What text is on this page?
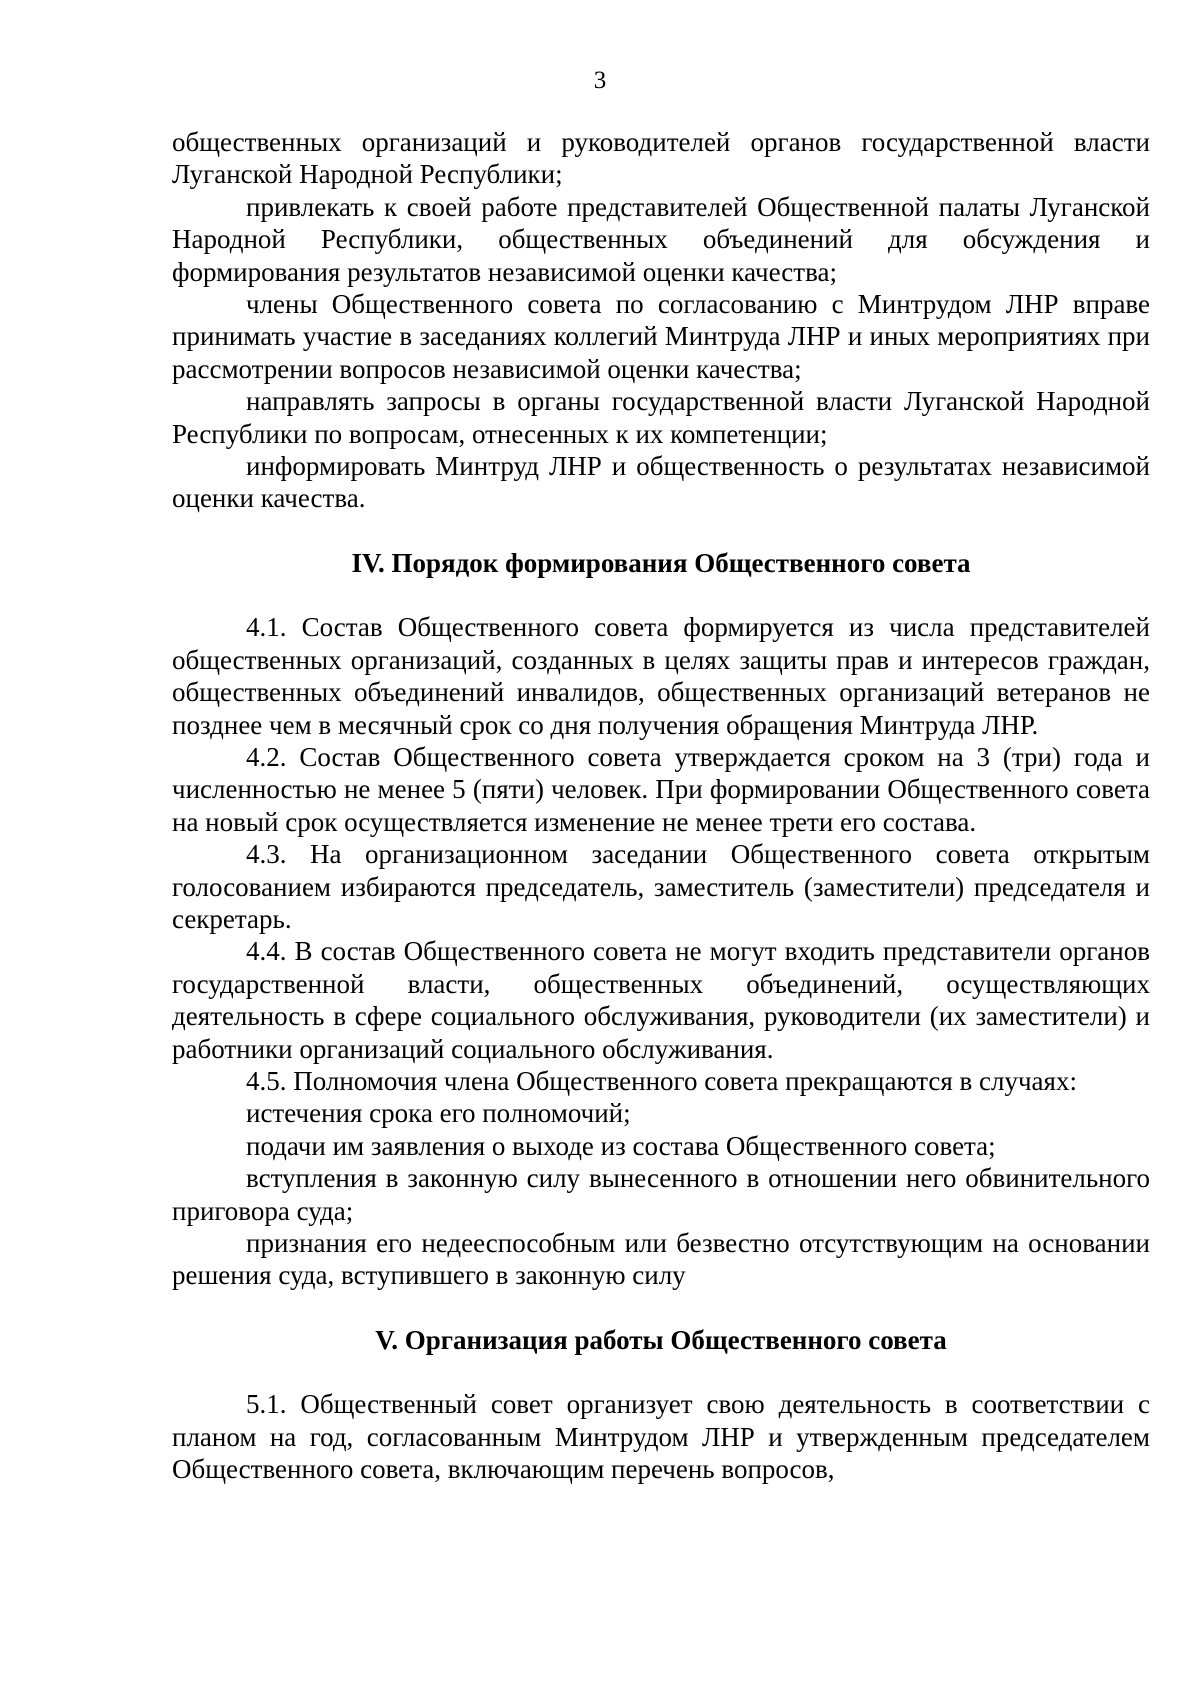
3

общественных организаций и руководителей органов государственной власти Луганской Народной Республики;

привлекать к своей работе представителей Общественной палаты Луганской Народной Республики, общественных объединений для обсуждения и формирования результатов независимой оценки качества;

члены Общественного совета по согласованию с Минтрудом ЛНР вправе принимать участие в заседаниях коллегий Минтруда ЛНР и иных мероприятиях при рассмотрении вопросов независимой оценки качества;

направлять запросы в органы государственной власти Луганской Народной Республики по вопросам, отнесенных к их компетенции;

информировать Минтруд ЛНР и общественность о результатах независимой оценки качества.

IV. Порядок формирования Общественного совета

4.1. Состав Общественного совета формируется из числа представителей общественных организаций, созданных в целях защиты прав и интересов граждан, общественных объединений инвалидов, общественных организаций ветеранов не позднее чем в месячный срок со дня получения обращения Минтруда ЛНР.

4.2. Состав Общественного совета утверждается сроком на 3 (три) года и численностью не менее 5 (пяти) человек. При формировании Общественного совета на новый срок осуществляется изменение не менее трети его состава.

4.3. На организационном заседании Общественного совета открытым голосованием избираются председатель, заместитель (заместители) председателя и секретарь.

4.4. В состав Общественного совета не могут входить представители органов государственной власти, общественных объединений, осуществляющих деятельность в сфере социального обслуживания, руководители (их заместители) и работники организаций социального обслуживания.

4.5. Полномочия члена Общественного совета прекращаются в случаях:

истечения срока его полномочий;

подачи им заявления о выходе из состава Общественного совета;

вступления в законную силу вынесенного в отношении него обвинительного приговора суда;

признания его недееспособным или безвестно отсутствующим на основании решения суда, вступившего в законную силу

V. Организация работы Общественного совета

5.1. Общественный совет организует свою деятельность в соответствии с планом на год, согласованным Минтрудом ЛНР и утвержденным председателем Общественного совета, включающим перечень вопросов,
